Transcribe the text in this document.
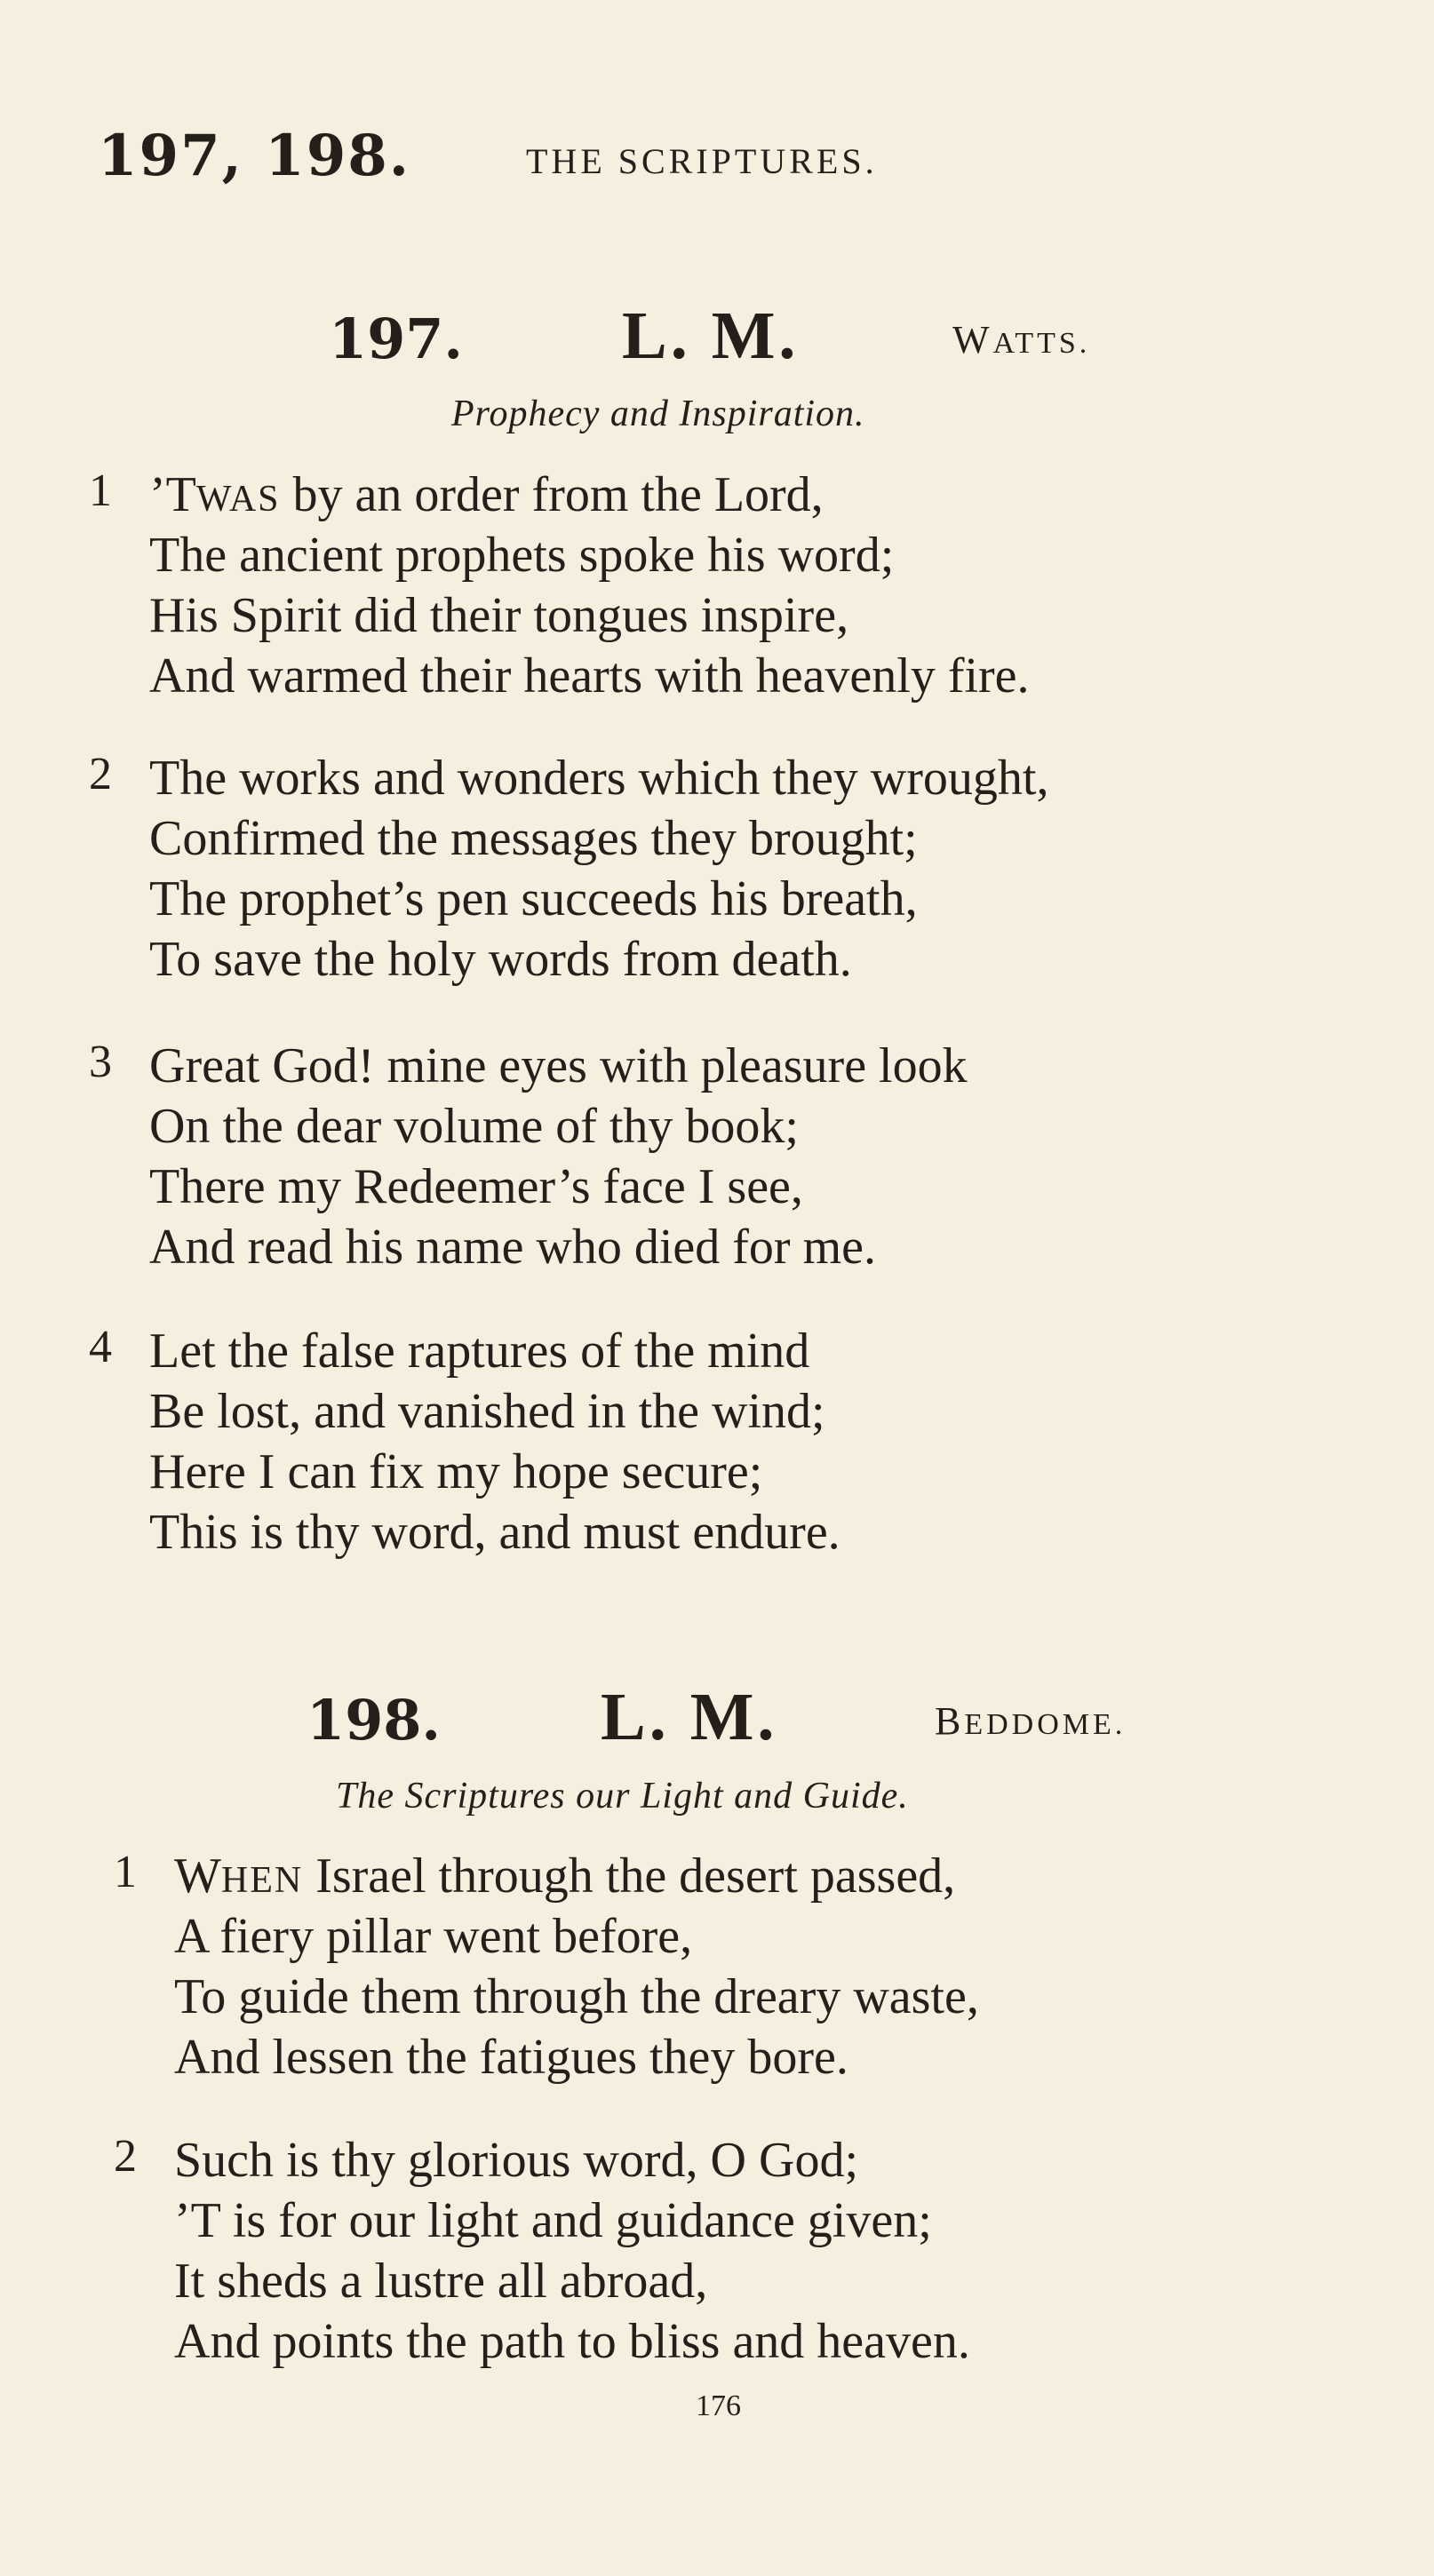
197, 198.	THE SCRIPTURES.
197. L. M.	WATTS.
Prophecy and Inspiration.
1 ’TWAS by an order from the Lord,
The ancient prophets spoke his word;
His Spirit did their tongues inspire,
And warmed their hearts with heavenly fire.
2 The works and wonders which they wrought,
Confirmed the messages they brought;
The prophet’s pen succeeds his breath,
To save the holy words from death.
3 Great God! mine eyes with pleasure look
On the dear volume of thy book;
There my Redeemer’s face I see,
And read his name who died for me.
4 Let the false raptures of the mind
Be lost, and vanished in the wind;
Here I can fix my hope secure;
This is thy word, and must endure.
198. L. M.	BEDDOME.
The Scriptures our Light and Guide.
1 WHEN Israel through the desert passed,
A fiery pillar went before,
To guide them through the dreary waste,
And lessen the fatigues they bore.
2 Such is thy glorious word, O God;
’T is for our light and guidance given;
It sheds a lustre all abroad,
And points the path to bliss and heaven.
176
